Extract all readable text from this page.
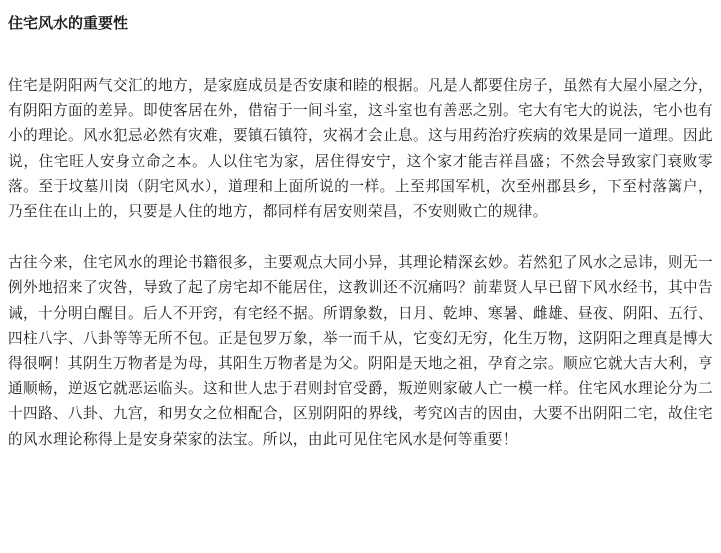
住宅风水的重要性

住宅是阴阳两气交汇的地方，是家庭成员是否安康和睦的根据。凡是人都要住房子，虽然有大屋小屋之分，有阴阳方面的差异。即使客居在外，借宿于一间斗室，这斗室也有善恶之别。宅大有宅大的说法，宅小也有小的理论。风水犯忌必然有灾难，要镇石镇符，灾祸才会止息。这与用药治疗疾病的效果是同一道理。因此说，住宅旺人安身立命之本。人以住宅为家，居住得安宁，这个家才能吉祥昌盛；不然会导致家门衰败零落。至于坟墓川岗（阴宅风水），道理和上面所说的一样。上至邦国军机，次至州郡县乡，下至村落篱户，乃至住在山上的，只要是人住的地方，都同样有居安则荣昌，不安则败亡的规律。

古往今来，住宅风水的理论书籍很多，主要观点大同小异，其理论精深玄妙。若然犯了风水之忌讳，则无一例外地招来了灾咎，导致了起了房宅却不能居住，这教训还不沉痛吗？前辈贤人早已留下风水经书，其中告诫，十分明白醒目。后人不开窍，有宅经不据。所谓象数，日月、乾坤、寒暑、雌雄、昼夜、阴阳、五行、四柱八字、八卦等等无所不包。正是包罗万象，举一而千从，它变幻无穷，化生万物，这阴阳之理真是博大得很啊！其阴生万物者是为母，其阳生万物者是为父。阴阳是天地之祖，孕育之宗。顺应它就大吉大利，亨通顺畅，逆返它就恶运临头。这和世人忠于君则封官受爵，叛逆则家破人亡一模一样。住宅风水理论分为二十四路、八卦、九宫，和男女之位相配合，区别阴阳的界线，考究凶吉的因由，大要不出阴阳二宅，故住宅的风水理论称得上是安身荣家的法宝。所以，由此可见住宅风水是何等重要！
